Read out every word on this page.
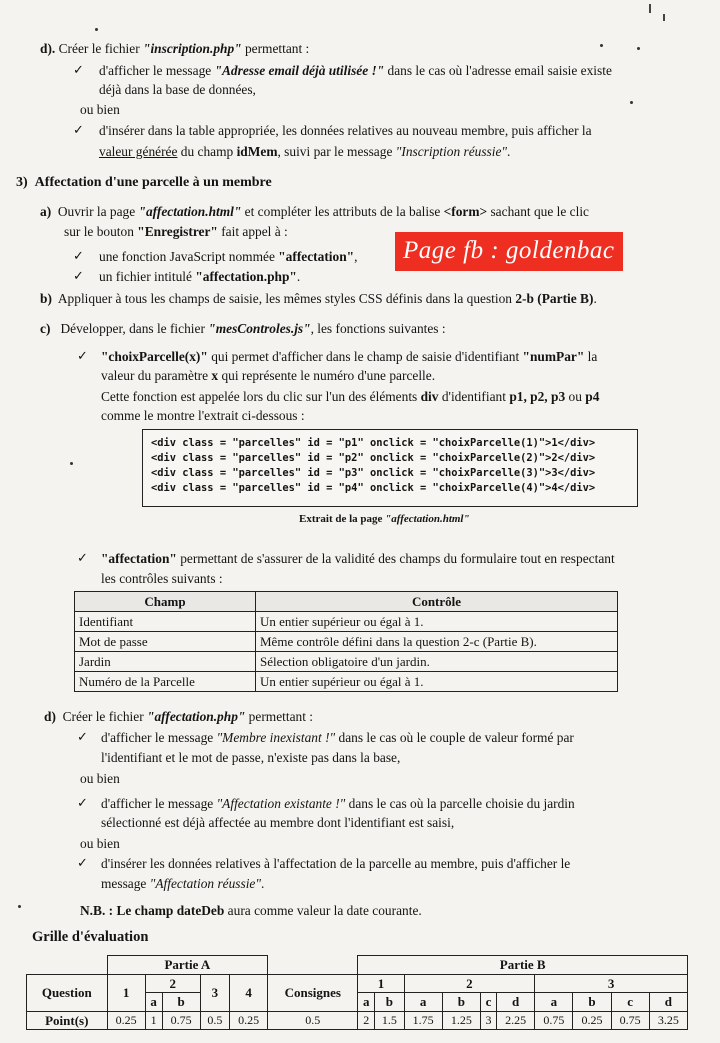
d). Créer le fichier "inscription.php" permettant :
✓ d'afficher le message "Adresse email déjà utilisée !" dans le cas où l'adresse email saisie existe
déjà dans la base de données,
ou bien
✓ d'insérer dans la table appropriée, les données relatives au nouveau membre, puis afficher la
valeur générée du champ idMem, suivi par le message "Inscription réussie".
3) Affectation d'une parcelle à un membre
a) Ouvrir la page "affectation.html" et compléter les attributs de la balise <form> sachant que le clic
sur le bouton "Enregistrer" fait appel à :
✓ une fonction JavaScript nommée "affectation",
✓ un fichier intitulé "affectation.php".
Page fb : goldenbac
b) Appliquer à tous les champs de saisie, les mêmes styles CSS définis dans la question 2-b (Partie B).
c) Développer, dans le fichier "mesControles.js", les fonctions suivantes :
✓ "choixParcelle(x)" qui permet d'afficher dans le champ de saisie d'identifiant "numPar" la
valeur du paramètre x qui représente le numéro d'une parcelle.
Cette fonction est appelée lors du clic sur l'un des éléments div d'identifiant p1, p2, p3 ou p4
comme le montre l'extrait ci-dessous :
<div class = "parcelles" id = "p1" onclick = "choixParcelle(1)">1</div>
<div class = "parcelles" id = "p2" onclick = "choixParcelle(2)">2</div>
<div class = "parcelles" id = "p3" onclick = "choixParcelle(3)">3</div>
<div class = "parcelles" id = "p4" onclick = "choixParcelle(4)">4</div>
Extrait de la page "affectation.html"
✓ "affectation" permettant de s'assurer de la validité des champs du formulaire tout en respectant
les contrôles suivants :
Champ	Contrôle
Identifiant	Un entier supérieur ou égal à 1.
Mot de passe	Même contrôle défini dans la question 2-c (Partie B).
Jardin	Sélection obligatoire d'un jardin.
Numéro de la Parcelle	Un entier supérieur ou égal à 1.
d) Créer le fichier "affectation.php" permettant :
✓ d'afficher le message "Membre inexistant !" dans le cas où le couple de valeur formé par
l'identifiant et le mot de passe, n'existe pas dans la base,
ou bien
✓ d'afficher le message "Affectation existante !" dans le cas où la parcelle choisie du jardin
sélectionné est déjà affectée au membre dont l'identifiant est saisi,
ou bien
✓ d'insérer les données relatives à l'affectation de la parcelle au membre, puis d'afficher le
message "Affectation réussie".
N.B. : Le champ dateDeb aura comme valeur la date courante.
Grille d'évaluation
	Partie A						Partie B									
Question	1	2		3	4	Consignes	1		2				3			
		a	b				a	b	a	b	c	d	a	b	c	d
Point(s)	0.25	1	0.75	0.5	0.25	0.5	2	1.5	1.75	1.25	3	2.25	0.75	0.25	0.75	3.25
